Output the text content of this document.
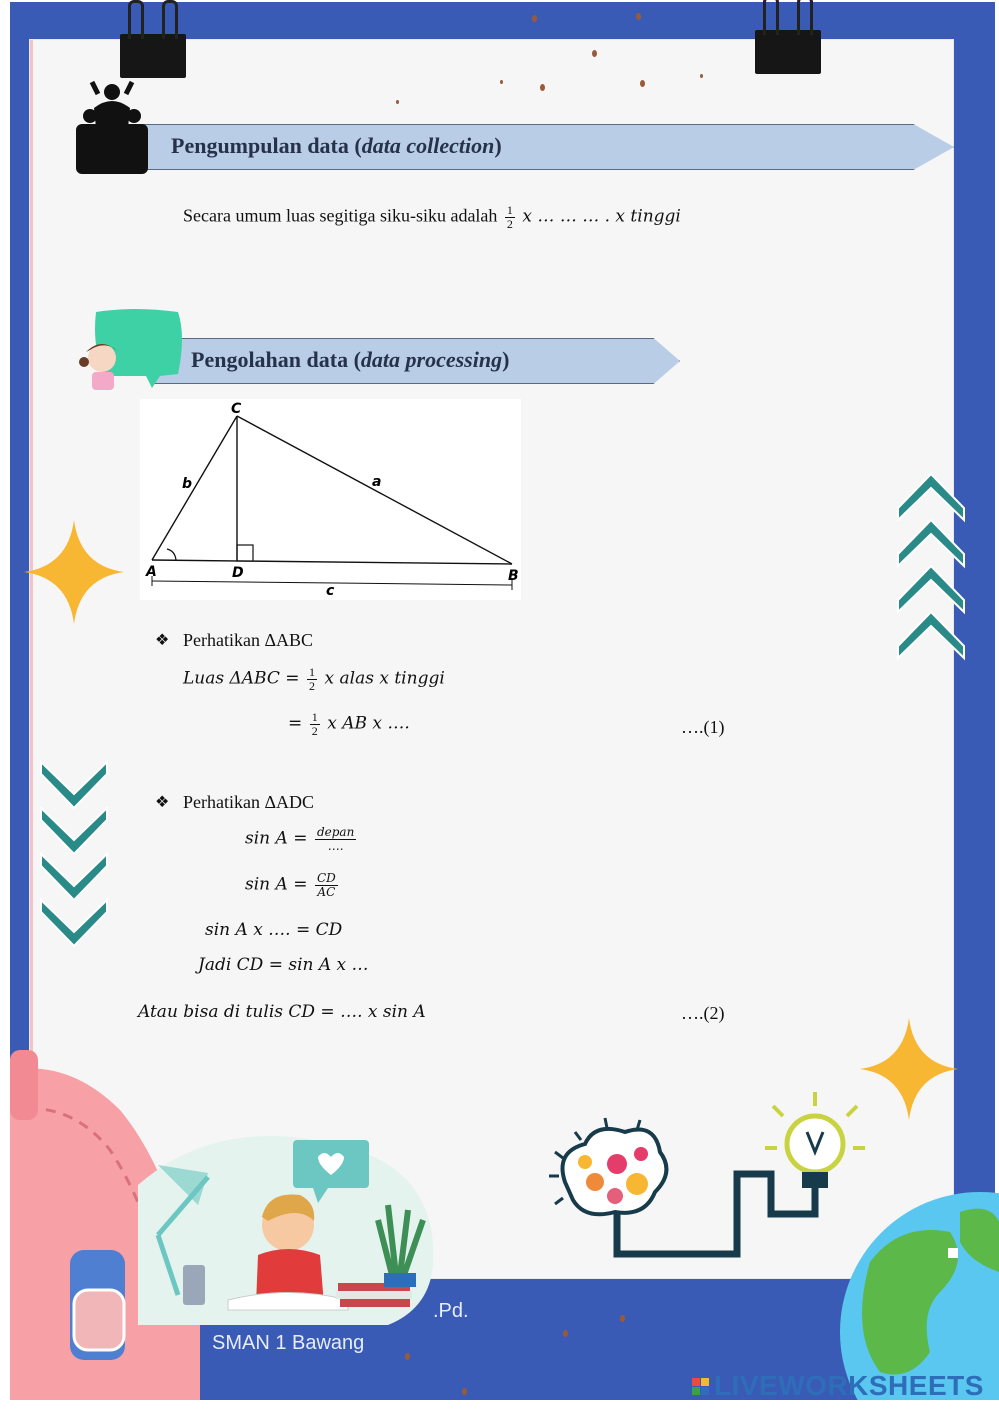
Pengumpulan data (data collection)
Secara umum luas segitiga siku-siku adalah $\frac{1}{2}$ x … … … . x tinggi
Pengolahan data (data processing)
C
b	a
A	D	B
c
❖ Perhatikan ΔABC
Luas $\Delta ABC = \frac{1}{2}$ x alas x tinggi
= $\frac{1}{2}$ x AB x ….	….(1)
❖ Perhatikan ΔADC
$\sin A = \frac{\text{depan}}{\dots.}$
$\sin A = \frac{CD}{AC}$
sin A x …. = CD
Jadi CD = sin A x …
Atau bisa di tulis CD = …. x sin A	….(2)
.Pd.
SMAN 1 Bawang
LIVEWORKSHEETS
